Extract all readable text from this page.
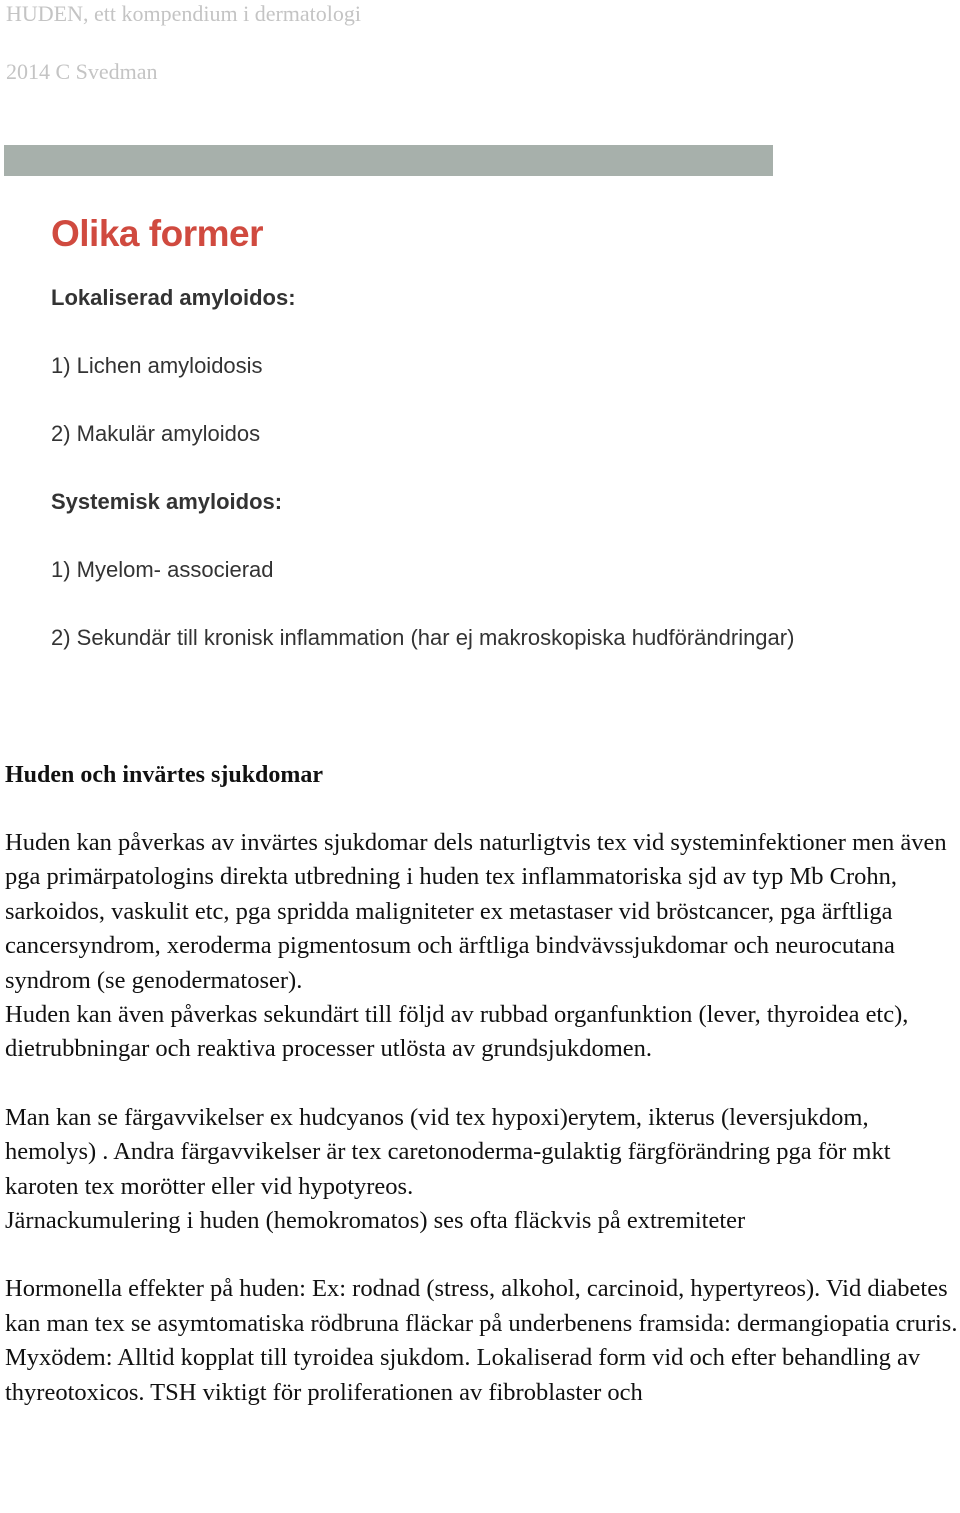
HUDEN, ett kompendium i dermatologi
2014 C Svedman
Olika former

Lokaliserad amyloidos:

1) Lichen amyloidosis

2) Makulär amyloidos

Systemisk amyloidos:

1) Myelom- associerad

2) Sekundär till kronisk inflammation (har ej makroskopiska hudförändringar)

Huden och invärtes sjukdomar

Huden kan påverkas av invärtes sjukdomar dels naturligtvis tex vid systeminfektioner men även pga primärpatologins direkta utbredning i huden tex inflammatoriska sjd av typ Mb Crohn, sarkoidos, vaskulit etc, pga spridda maligniteter ex metastaser vid bröstcancer, pga ärftliga cancersyndrom, xeroderma pigmentosum och ärftliga bindvävssjukdomar och neurocutana syndrom (se genodermatoser).

Huden kan även påverkas sekundärt till följd av rubbad organfunktion (lever, thyroidea etc), dietrubbningar och reaktiva processer utlösta av grundsjukdomen.

Man kan se färgavvikelser ex hudcyanos (vid tex hypoxi)erytem, ikterus (leversjukdom, hemolys) . Andra färgavvikelser är tex caretonoderma-gulaktig färgförändring pga för mkt karoten tex morötter eller vid hypotyreos.

Järnackumulering i huden (hemokromatos) ses ofta fläckvis på extremiteter

Hormonella effekter på huden: Ex: rodnad (stress, alkohol, carcinoid, hypertyreos). Vid diabetes kan man tex se asymtomatiska rödbruna fläckar på underbenens framsida: dermangiopatia cruris.

Myxödem: Alltid kopplat till tyroidea sjukdom. Lokaliserad form vid och efter behandling av thyreotoxicos. TSH viktigt för proliferationen av fibroblaster och
